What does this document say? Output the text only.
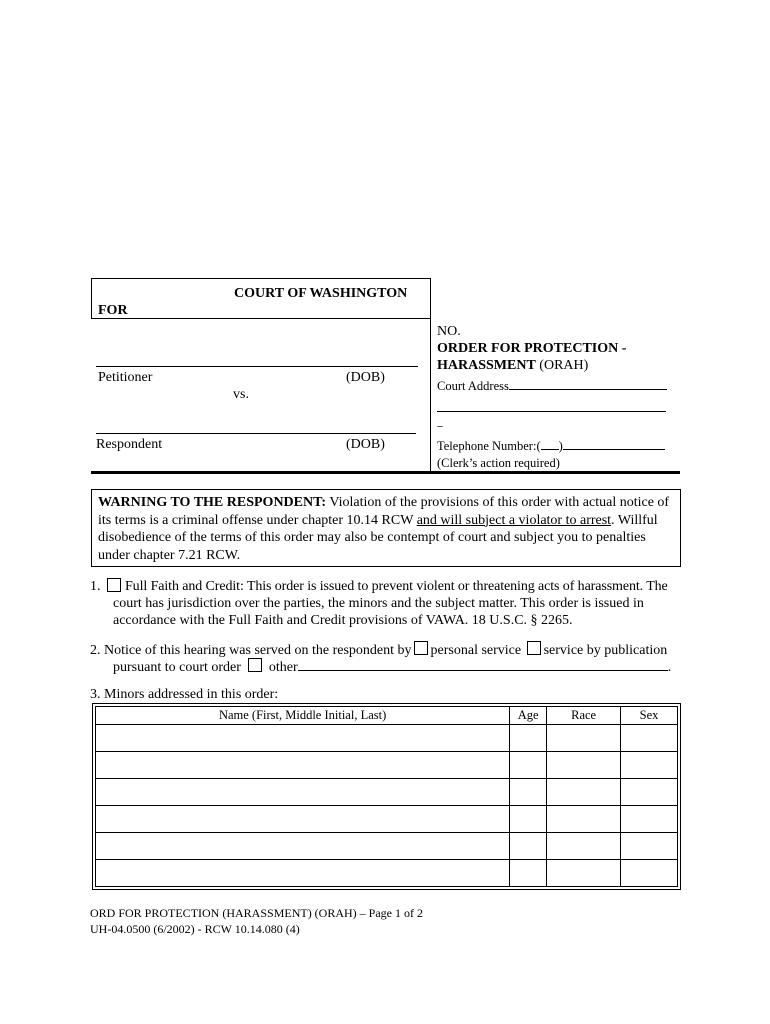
COURT OF WASHINGTON
FOR
Petitioner	(DOB)
vs.
Respondent	(DOB)
NO.
ORDER FOR PROTECTION -
HARASSMENT (ORAH)
Court Address
_
Telephone Number:( )
(Clerk’s action required)
WARNING TO THE RESPONDENT: Violation of the provisions of this order with actual notice of its terms is a criminal offense under chapter 10.14 RCW and will subject a violator to arrest. Willful disobedience of the terms of this order may also be contempt of court and subject you to penalties under chapter 7.21 RCW.
1. Full Faith and Credit: This order is issued to prevent violent or threatening acts of harassment. The
court has jurisdiction over the parties, the minors and the subject matter. This order is issued in
accordance with the Full Faith and Credit provisions of VAWA. 18 U.S.C. § 2265.
2. Notice of this hearing was served on the respondent by personal service service by publication
pursuant to court order other	.
3. Minors addressed in this order:
Name (First, Middle Initial, Last)	Age	Race	Sex

ORD FOR PROTECTION (HARASSMENT) (ORAH) – Page 1 of 2
UH-04.0500 (6/2002) - RCW 10.14.080 (4)
